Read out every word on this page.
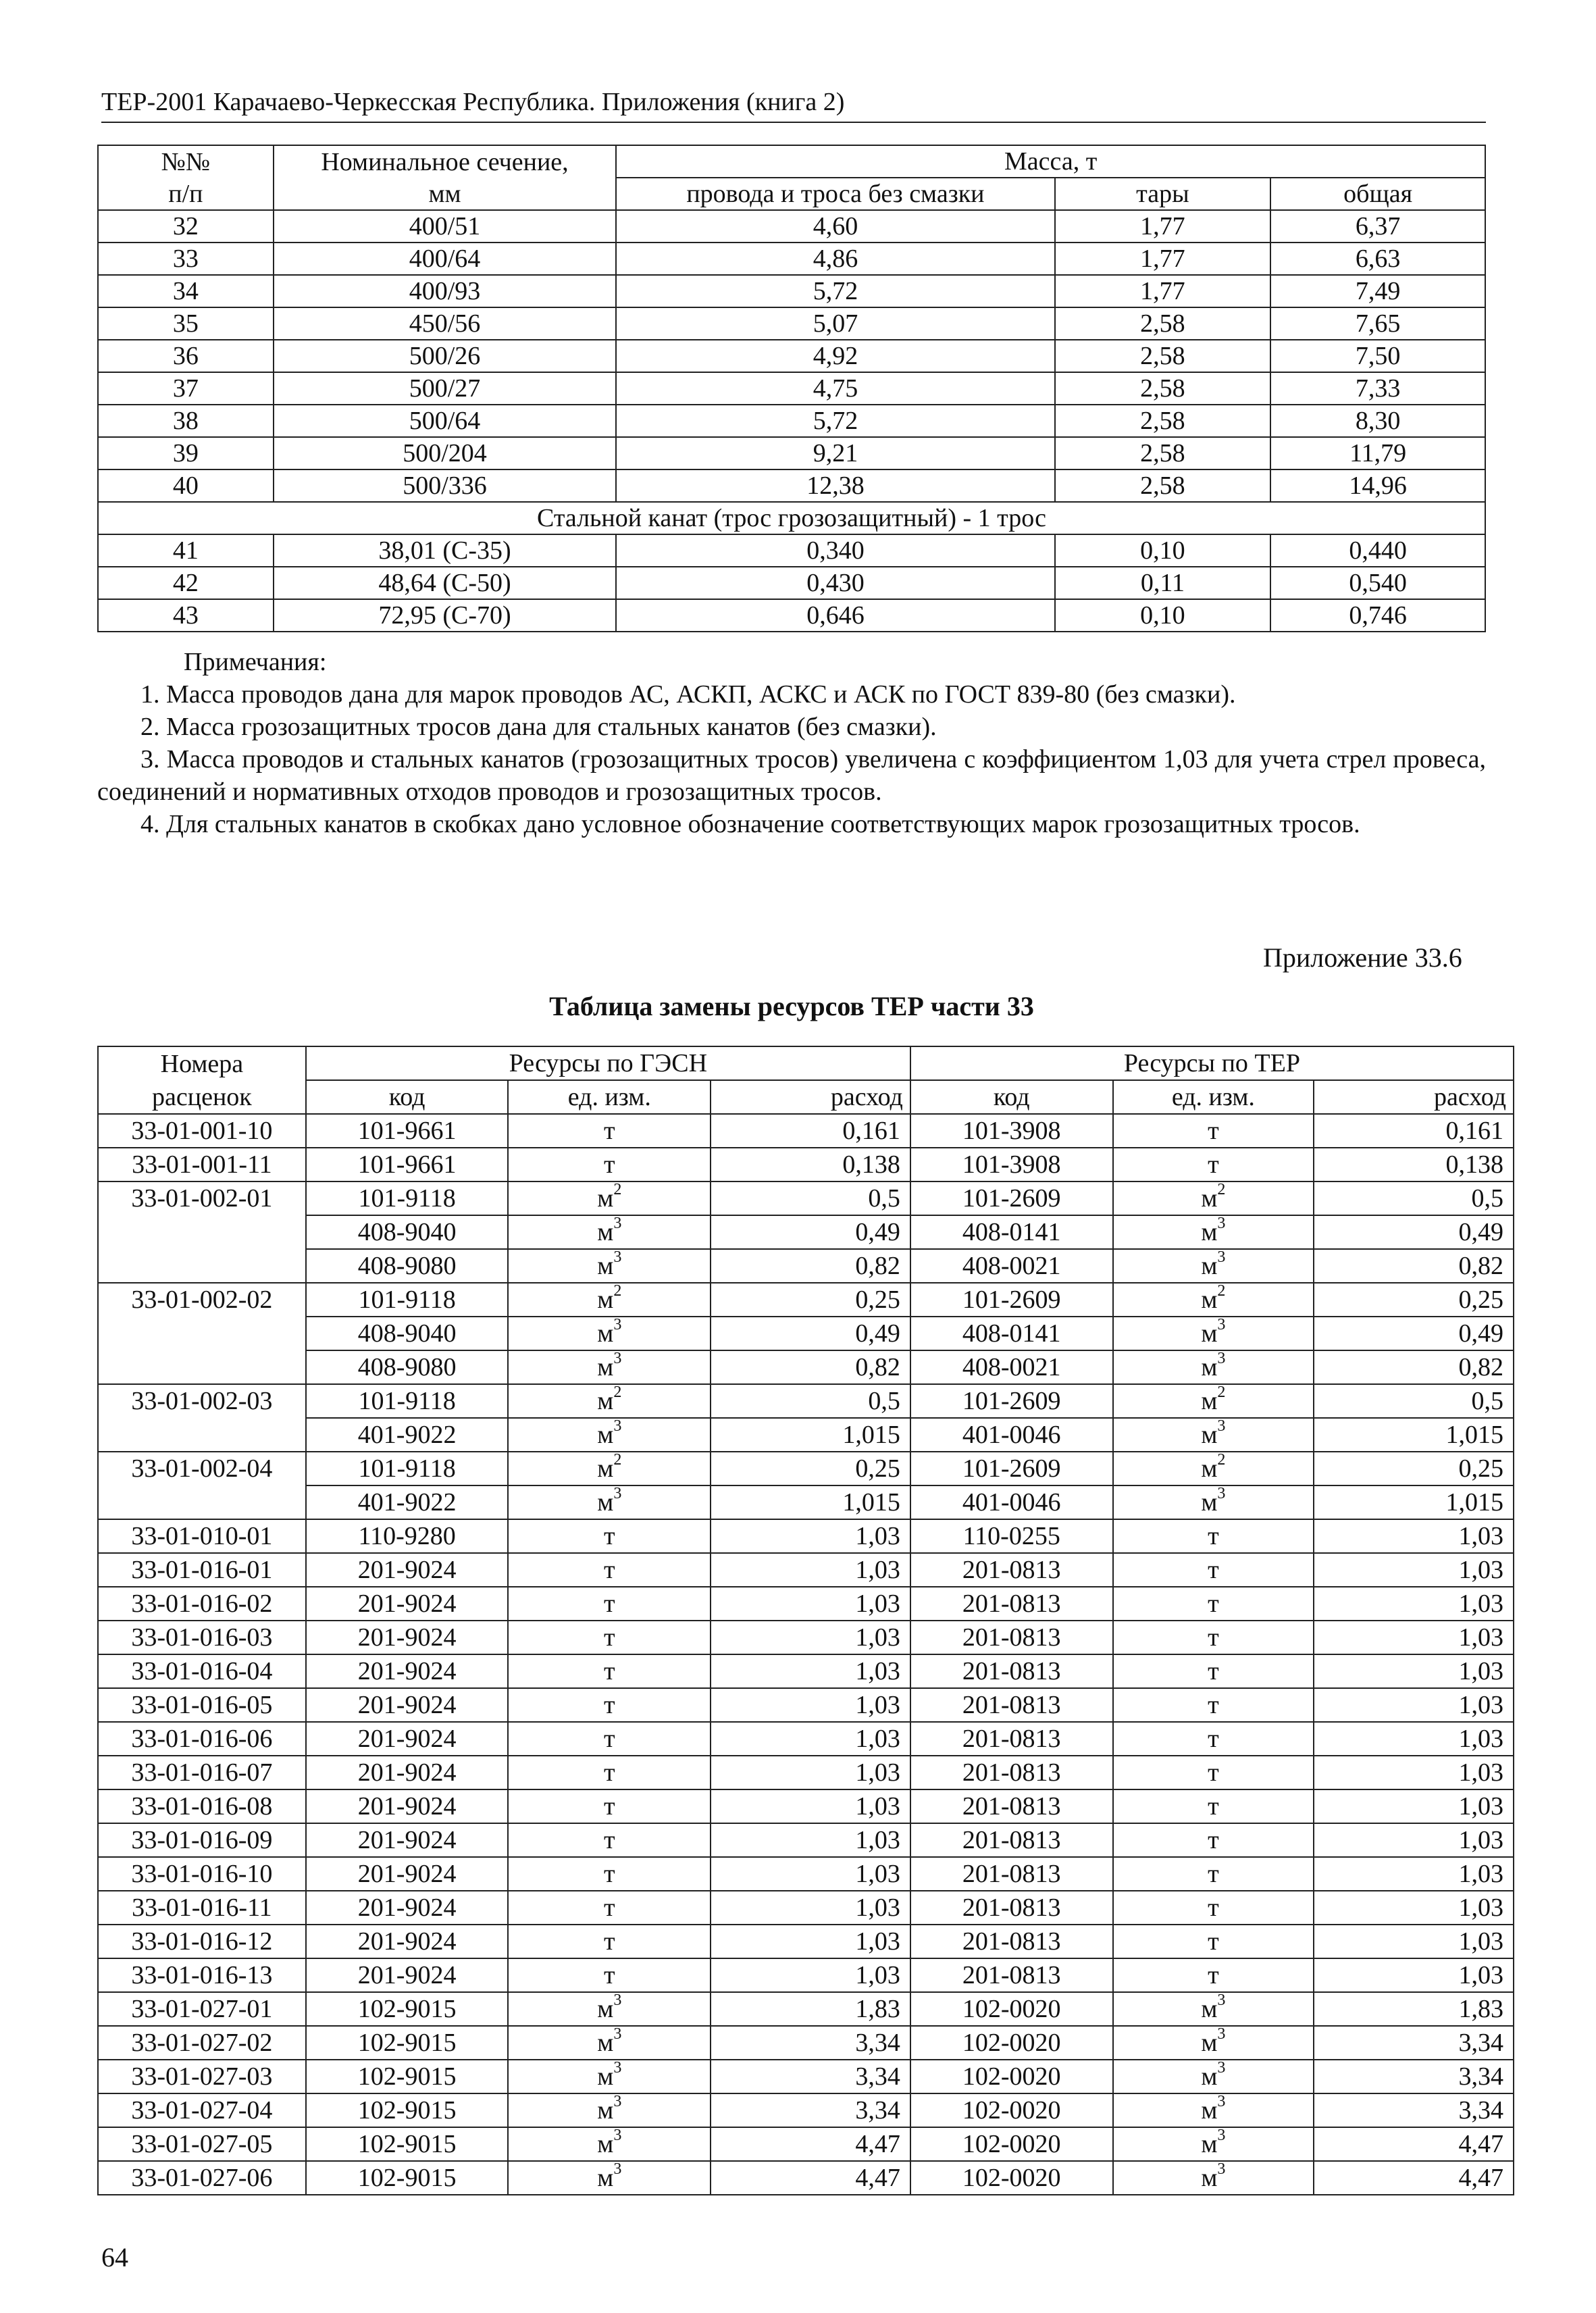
ТЕР-2001 Карачаево-Черкесская Республика. Приложения (книга 2)
№№	Номинальное сечение,	Масса, т		
п/п	мм	провода и троса без смазки	тары	общая
32	400/51	4,60	1,77	6,37
33	400/64	4,86	1,77	6,63
34	400/93	5,72	1,77	7,49
35	450/56	5,07	2,58	7,65
36	500/26	4,92	2,58	7,50
37	500/27	4,75	2,58	7,33
38	500/64	5,72	2,58	8,30
39	500/204	9,21	2,58	11,79
40	500/336	12,38	2,58	14,96
Стальной канат (трос грозозащитный) - 1 трос				
41	38,01 (С-35)	0,340	0,10	0,440
42	48,64 (С-50)	0,430	0,11	0,540
43	72,95 (С-70)	0,646	0,10	0,746
Примечания:

1. Масса проводов дана для марок проводов АС, АСКП, АСКС и АСК по ГОСТ 839-80 (без смазки).

2. Масса грозозащитных тросов дана для стальных канатов (без смазки).

3. Масса проводов и стальных канатов (грозозащитных тросов) увеличена с коэффициентом 1,03 для учета стрел провеса, соединений и нормативных отходов проводов и грозозащитных тросов.

4. Для стальных канатов в скобках дано условное обозначение соответствующих марок грозозащитных тросов.

Приложение 33.6
Таблица замены ресурсов ТЕР части 33
Номера	Ресурсы по ГЭСН			Ресурсы по ТЕР		
расценок	код	ед. изм.	расход	код	ед. изм.	расход
33-01-001-10	101-9661	т	0,161	101-3908	т	0,161
33-01-001-11	101-9661	т	0,138	101-3908	т	0,138
33-01-002-01	101-9118	$м^2$	0,5	101-2609	$м^2$	0,5
	408-9040	$м^3$	0,49	408-0141	$м^3$	0,49
	408-9080	$м^3$	0,82	408-0021	$м^3$	0,82
33-01-002-02	101-9118	$м^2$	0,25	101-2609	$м^2$	0,25
	408-9040	$м^3$	0,49	408-0141	$м^3$	0,49
	408-9080	$м^3$	0,82	408-0021	$м^3$	0,82
33-01-002-03	101-9118	$м^2$	0,5	101-2609	$м^2$	0,5
	401-9022	$м^3$	1,015	401-0046	$м^3$	1,015
33-01-002-04	101-9118	$м^2$	0,25	101-2609	$м^2$	0,25
	401-9022	$м^3$	1,015	401-0046	$м^3$	1,015
33-01-010-01	110-9280	т	1,03	110-0255	т	1,03
33-01-016-01	201-9024	т	1,03	201-0813	т	1,03
33-01-016-02	201-9024	т	1,03	201-0813	т	1,03
33-01-016-03	201-9024	т	1,03	201-0813	т	1,03
33-01-016-04	201-9024	т	1,03	201-0813	т	1,03
33-01-016-05	201-9024	т	1,03	201-0813	т	1,03
33-01-016-06	201-9024	т	1,03	201-0813	т	1,03
33-01-016-07	201-9024	т	1,03	201-0813	т	1,03
33-01-016-08	201-9024	т	1,03	201-0813	т	1,03
33-01-016-09	201-9024	т	1,03	201-0813	т	1,03
33-01-016-10	201-9024	т	1,03	201-0813	т	1,03
33-01-016-11	201-9024	т	1,03	201-0813	т	1,03
33-01-016-12	201-9024	т	1,03	201-0813	т	1,03
33-01-016-13	201-9024	т	1,03	201-0813	т	1,03
33-01-027-01	102-9015	$м^3$	1,83	102-0020	$м^3$	1,83
33-01-027-02	102-9015	$м^3$	3,34	102-0020	$м^3$	3,34
33-01-027-03	102-9015	$м^3$	3,34	102-0020	$м^3$	3,34
33-01-027-04	102-9015	$м^3$	3,34	102-0020	$м^3$	3,34
33-01-027-05	102-9015	$м^3$	4,47	102-0020	$м^3$	4,47
33-01-027-06	102-9015	$м^3$	4,47	102-0020	$м^3$	4,47
64
